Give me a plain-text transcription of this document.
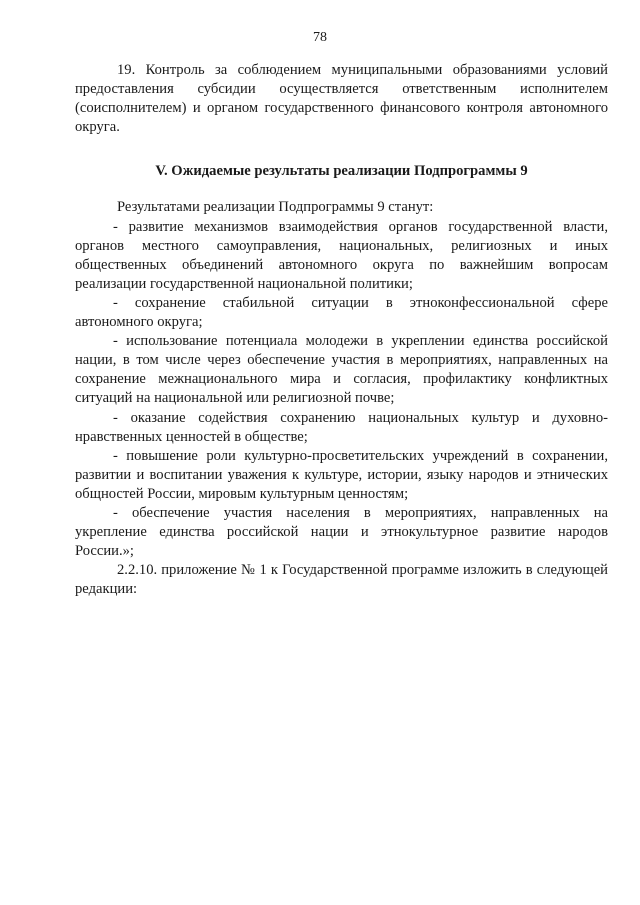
78

19. Контроль за соблюдением муниципальными образованиями условий предоставления субсидии осуществляется ответственным исполнителем (соисполнителем) и органом государственного финансового контроля автономного округа.

V. Ожидаемые результаты реализации Подпрограммы 9

Результатами реализации Подпрограммы 9 станут:

- развитие механизмов взаимодействия органов государственной власти, органов местного самоуправления, национальных, религиозных и иных общественных объединений автономного округа по важнейшим вопросам реализации государственной национальной политики;

- сохранение стабильной ситуации в этноконфессиональной сфере автономного округа;

- использование потенциала молодежи в укреплении единства российской нации, в том числе через обеспечение участия в мероприятиях, направленных на сохранение межнационального мира и согласия, профилактику конфликтных ситуаций на национальной или религиозной почве;

- оказание содействия сохранению национальных культур и духовно-нравственных ценностей в обществе;

- повышение роли культурно-просветительских учреждений в сохранении, развитии и воспитании уважения к культуре, истории, языку народов и этнических общностей России, мировым культурным ценностям;

- обеспечение участия населения в мероприятиях, направленных на укрепление единства российской нации и этнокультурное развитие народов России.»;

2.2.10. приложение № 1 к Государственной программе изложить в следующей редакции:
